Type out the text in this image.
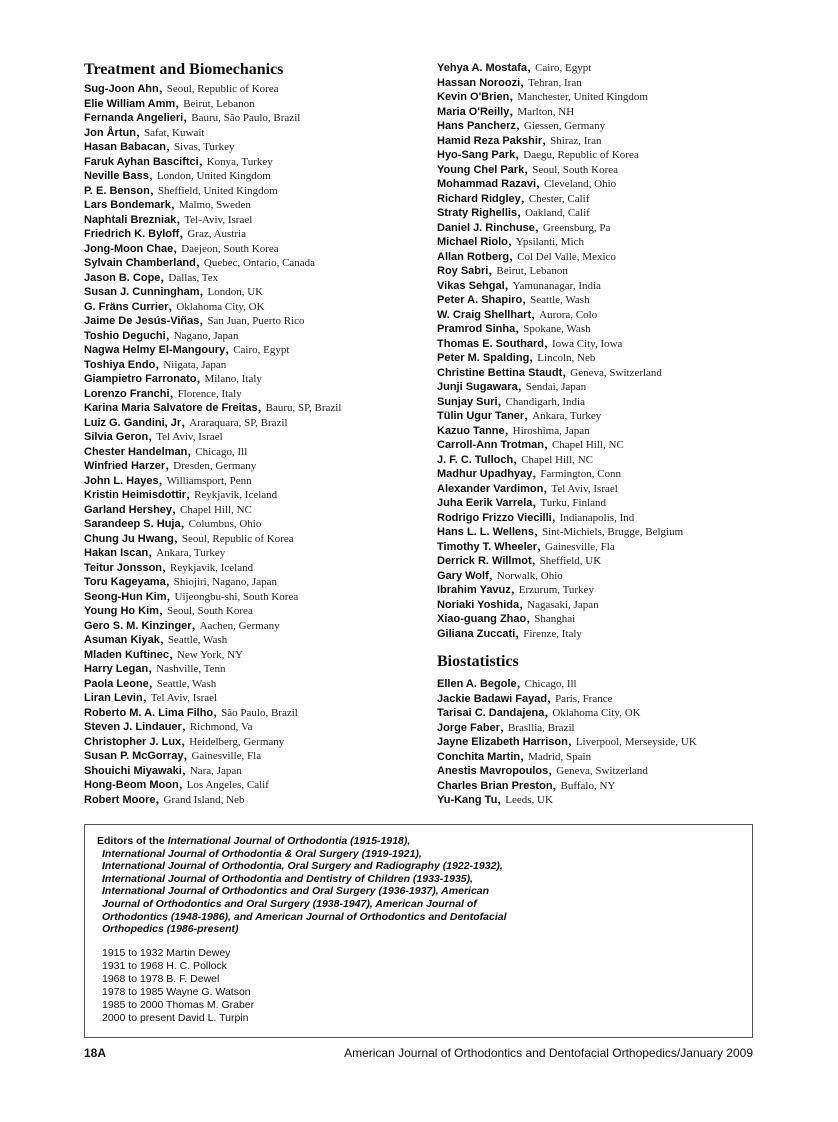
Treatment and Biomechanics
Sug-Joon Ahn, Seoul, Republic of Korea
Elie William Amm, Beirut, Lebanon
Fernanda Angelieri, Bauru, São Paulo, Brazil
Jon Årtun, Safat, Kuwait
Hasan Babacan, Sivas, Turkey
Faruk Ayhan Basciftci, Konya, Turkey
Neville Bass, London, United Kingdom
P. E. Benson, Sheffield, United Kingdom
Lars Bondemark, Malmo, Sweden
Naphtali Brezniak, Tel-Aviv, Israel
Friedrich K. Byloff, Graz, Austria
Jong-Moon Chae, Daejeon, South Korea
Sylvain Chamberland, Quebec, Ontario, Canada
Jason B. Cope, Dallas, Tex
Susan J. Cunningham, London, UK
G. Fräns Currier, Oklahoma City, OK
Jaime De Jesús-Viñas, San Juan, Puerto Rico
Toshio Deguchi, Nagano, Japan
Nagwa Helmy El-Mangoury, Cairo, Egypt
Toshiya Endo, Niigata, Japan
Giampietro Farronato, Milano, Italy
Lorenzo Franchi, Florence, Italy
Karina Maria Salvatore de Freitas, Bauru, SP, Brazil
Luiz G. Gandini, Jr, Araraquara, SP, Brazil
Silvia Geron, Tel Aviv, Israel
Chester Handelman, Chicago, Ill
Winfried Harzer, Dresden, Germany
John L. Hayes, Williamsport, Penn
Kristin Heimisdottir, Reykjavik, Iceland
Garland Hershey, Chapel Hill, NC
Sarandeep S. Huja, Columbus, Ohio
Chung Ju Hwang, Seoul, Republic of Korea
Hakan Iscan, Ankara, Turkey
Teitur Jonsson, Reykjavik, Iceland
Toru Kageyama, Shiojiri, Nagano, Japan
Seong-Hun Kim, Uijeongbu-shi, South Korea
Young Ho Kim, Seoul, South Korea
Gero S. M. Kinzinger, Aachen, Germany
Asuman Kiyak, Seattle, Wash
Mladen Kuftinec, New York, NY
Harry Legan, Nashville, Tenn
Paola Leone, Seattle, Wash
Liran Levin, Tel Aviv, Israel
Roberto M. A. Lima Filho, São Paulo, Brazil
Steven J. Lindauer, Richmond, Va
Christopher J. Lux, Heidelberg, Germany
Susan P. McGorray, Gainesville, Fla
Shouichi Miyawaki, Nara, Japan
Hong-Beom Moon, Los Angeles, Calif
Robert Moore, Grand Island, Neb
Yehya A. Mostafa, Cairo, Egypt
Hassan Noroozi, Tehran, Iran
Kevin O'Brien, Manchester, United Kingdom
Maria O'Reilly, Marlton, NH
Hans Pancherz, Giessen, Germany
Hamid Reza Pakshir, Shiraz, Iran
Hyo-Sang Park, Daegu, Republic of Korea
Young Chel Park, Seoul, South Korea
Mohammad Razavi, Cleveland, Ohio
Richard Ridgley, Chester, Calif
Straty Righellis, Oakland, Calif
Daniel J. Rinchuse, Greensburg, Pa
Michael Riolo, Ypsilanti, Mich
Allan Rotberg, Col Del Valle, Mexico
Roy Sabri, Beirut, Lebanon
Vikas Sehgal, Yamunanagar, India
Peter A. Shapiro, Seattle, Wash
W. Craig Shellhart, Aurora, Colo
Pramrod Sinha, Spokane, Wash
Thomas E. Southard, Iowa City, Iowa
Peter M. Spalding, Lincoln, Neb
Christine Bettina Staudt, Geneva, Switzerland
Junji Sugawara, Sendai, Japan
Sunjay Suri, Chandigarh, India
Tülin Ugur Taner, Ankara, Turkey
Kazuo Tanne, Hiroshima, Japan
Carroll-Ann Trotman, Chapel Hill, NC
J. F. C. Tulloch, Chapel Hill, NC
Madhur Upadhyay, Farmington, Conn
Alexander Vardimon, Tel Aviv, Israel
Juha Eerik Varrela, Turku, Finland
Rodrigo Frizzo Viecilli, Indianapolis, Ind
Hans L. L. Wellens, Sint-Michiels, Brugge, Belgium
Timothy T. Wheeler, Gainesville, Fla
Derrick R. Willmot, Sheffield, UK
Gary Wolf, Norwalk, Ohio
Ibrahim Yavuz, Erzurum, Turkey
Noriaki Yoshida, Nagasaki, Japan
Xiao-guang Zhao, Shanghai
Giliana Zuccati, Firenze, Italy
Biostatistics
Ellen A. Begole, Chicago, Ill
Jackie Badawi Fayad, Paris, France
Tarisai C. Dandajena, Oklahoma City, OK
Jorge Faber, Brasllia, Brazil
Jayne Elizabeth Harrison, Liverpool, Merseyside, UK
Conchita Martin, Madrid, Spain
Anestis Mavropoulos, Geneva, Switzerland
Charles Brian Preston, Buffalo, NY
Yu-Kang Tu, Leeds, UK
Editors of the International Journal of Orthodontia (1915-1918),
International Journal of Orthodontia & Oral Surgery (1919-1921),
International Journal of Orthodontia, Oral Surgery and Radiography (1922-1932),
International Journal of Orthodontia and Dentistry of Children (1933-1935),
International Journal of Orthodontics and Oral Surgery (1936-1937), American
Journal of Orthodontics and Oral Surgery (1938-1947), American Journal of
Orthodontics (1948-1986), and American Journal of Orthodontics and Dentofacial
Orthopedics (1986-present)
1915 to 1932 Martin Dewey
1931 to 1968 H. C. Pollock
1968 to 1978 B. F. Dewel
1978 to 1985 Wayne G. Watson
1985 to 2000 Thomas M. Graber
2000 to present David L. Turpin
18A	American Journal of Orthodontics and Dentofacial Orthopedics/January 2009
